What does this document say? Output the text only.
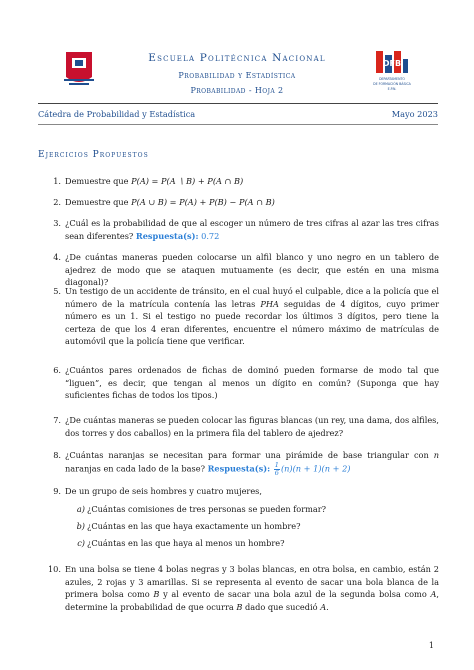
DFB
DEPARTAMENTO
DE FORMACIÓN BÁSICA
E.P.N.
Escuela Politécnica Nacional
Probabilidad y Estadística
Probabilidad - Hoja 2
Cátedra de Probabilidad y Estadística	Mayo 2023
Ejercicios Propuestos
1. Demuestre que P(A) = P(A ∖ B) + P(A ∩ B)
2. Demuestre que P(A ∪ B) = P(A) + P(B) − P(A ∩ B)
3. ¿Cuál es la probabilidad de que al escoger un número de tres cifras al azar las tres cifras sean diferentes? Respuesta(s): 0.72
4. ¿De cuántas maneras pueden colocarse un alfil blanco y uno negro en un tablero de ajedrez de modo que se ataquen mutuamente (es decir, que estén en una misma diagonal)?
5. Un testigo de un accidente de tránsito, en el cual huyó el culpable, dice a la policía que el número de la matrícula contenía las letras PHA seguidas de 4 dígitos, cuyo primer número es un 1. Si el testigo no puede recordar los últimos 3 dígitos, pero tiene la certeza de que los 4 eran diferentes, encuentre el número máximo de matrículas de automóvil que la policía tiene que verificar.
6. ¿Cuántos pares ordenados de fichas de dominó pueden formarse de modo tal que “liguen”, es decir, que tengan al menos un dígito en común? (Suponga que hay suficientes fichas de todos los tipos.)
7. ¿De cuántas maneras se pueden colocar las figuras blancas (un rey, una dama, dos alfiles, dos torres y dos caballos) en la primera fila del tablero de ajedrez?
8. ¿Cuántas naranjas se necesitan para formar una pirámide de base triangular con n naranjas en cada lado de la base? Respuesta(s): $\frac{1}{6} (n)(n + 1)(n + 2)$
9. De un grupo de seis hombres y cuatro mujeres,
a) ¿Cuántas comisiones de tres personas se pueden formar?
b) ¿Cuántas en las que haya exactamente un hombre?
c) ¿Cuántas en las que haya al menos un hombre?
10. En una bolsa se tiene 4 bolas negras y 3 bolas blancas, en otra bolsa, en cambio, están 2 azules, 2 rojas y 3 amarillas. Si se representa al evento de sacar una bola blanca de la primera bolsa como B y al evento de sacar una bola azul de la segunda bolsa como A, determine la probabilidad de que ocurra B dado que sucedió A.
1
